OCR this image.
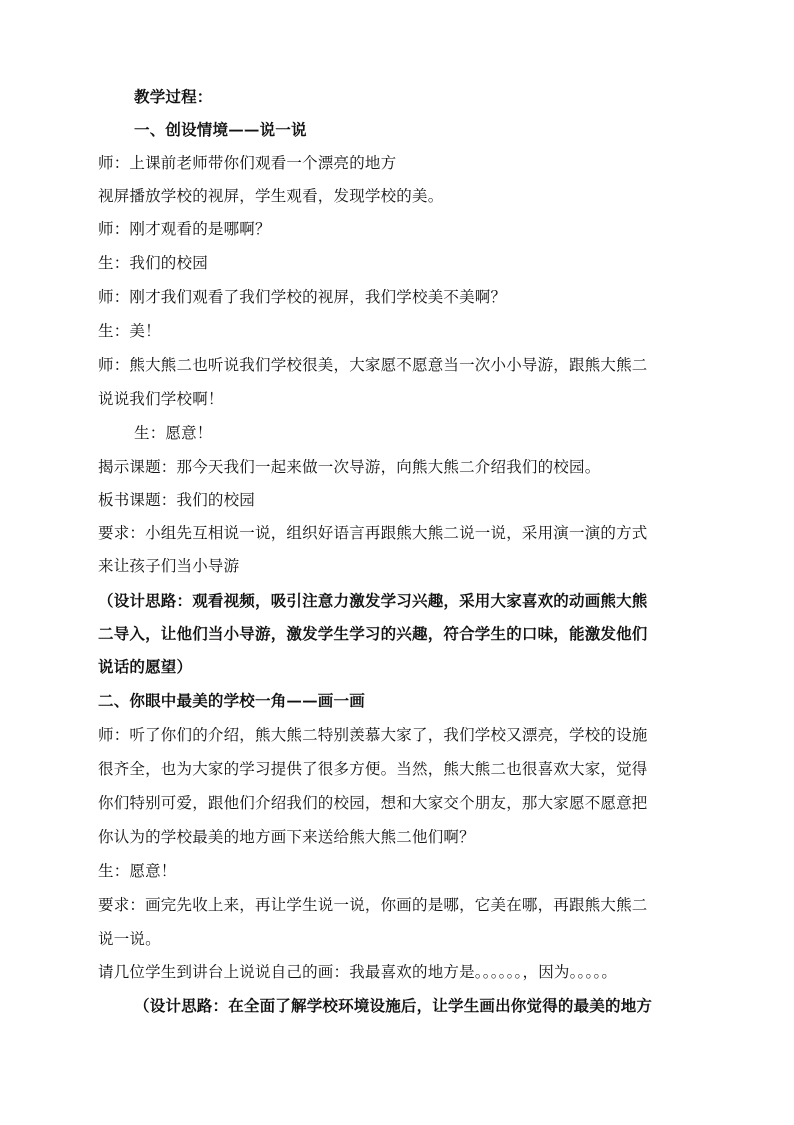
教学过程：
一、创设情境——说一说
师：上课前老师带你们观看一个漂亮的地方
视屏播放学校的视屏，学生观看，发现学校的美。
师：刚才观看的是哪啊？
生：我们的校园
师：刚才我们观看了我们学校的视屏，我们学校美不美啊？
生：美！
师：熊大熊二也听说我们学校很美，大家愿不愿意当一次小小导游，跟熊大熊二
说说我们学校啊！
生：愿意！
揭示课题：那今天我们一起来做一次导游，向熊大熊二介绍我们的校园。
板书课题：我们的校园
要求：小组先互相说一说，组织好语言再跟熊大熊二说一说，采用演一演的方式
来让孩子们当小导游
（设计思路：观看视频，吸引注意力激发学习兴趣，采用大家喜欢的动画熊大熊
二导入，让他们当小导游，激发学生学习的兴趣，符合学生的口味，能激发他们
说话的愿望）
二、你眼中最美的学校一角——画一画
师：听了你们的介绍，熊大熊二特别羡慕大家了，我们学校又漂亮，学校的设施
很齐全，也为大家的学习提供了很多方便。当然，熊大熊二也很喜欢大家，觉得
你们特别可爱，跟他们介绍我们的校园，想和大家交个朋友，那大家愿不愿意把
你认为的学校最美的地方画下来送给熊大熊二他们啊？
生：愿意！
要求：画完先收上来，再让学生说一说，你画的是哪，它美在哪，再跟熊大熊二
说一说。
请几位学生到讲台上说说自己的画：我最喜欢的地方是。。。。。。，因为。。。。。
（设计思路：在全面了解学校环境设施后，让学生画出你觉得的最美的地方
